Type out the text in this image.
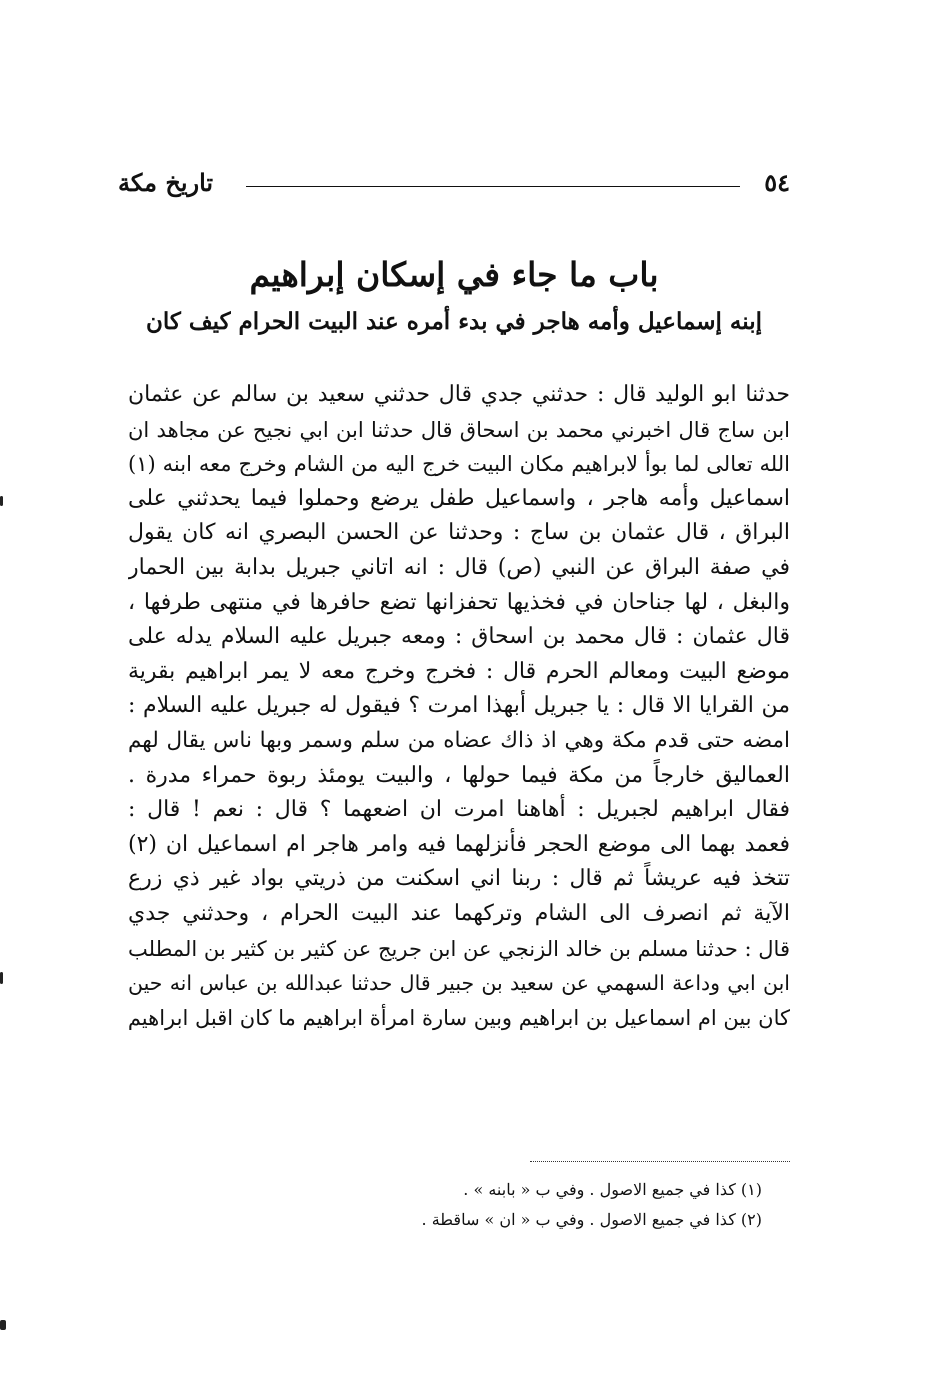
٥٤
تاريخ مكة
باب ما جاء في إسكان إبراهيم
إبنه إسماعيل وأمه هاجر في بدء أمره عند البيت الحرام كيف كان
حدثنا ابو الوليد قال : حدثني جدي قال حدثني سعيد بن سالم عن عثمان
ابن ساج قال اخبرني محمد بن اسحاق قال حدثنا ابن ابي نجيح عن مجاهد ان
الله تعالى لما بوأ لابراهيم مكان البيت خرج اليه من الشام وخرج معه ابنه (١)
اسماعيل وأمه هاجر ، واسماعيل طفل يرضع وحملوا فيما يحدثني على
البراق ، قال عثمان بن ساج : وحدثنا عن الحسن البصري انه كان يقول
في صفة البراق عن النبي (ص) قال : انه اتاني جبريل بدابة بين الحمار
والبغل ، لها جناحان في فخذيها تحفزانها تضع حافرها في منتهى طرفها ،
قال عثمان : قال محمد بن اسحاق : ومعه جبريل عليه السلام يدله على
موضع البيت ومعالم الحرم قال : فخرج وخرج معه لا يمر ابراهيم بقرية
من القرايا الا قال : يا جبريل أبهذا امرت ؟ فيقول له جبريل عليه السلام :
امضه حتى قدم مكة وهي اذ ذاك عضاه من سلم وسمر وبها ناس يقال لهم
العماليق خارجاً من مكة فيما حولها ، والبيت يومئذ ربوة حمراء مدرة .
فقال ابراهيم لجبريل : أهاهنا امرت ان اضعهما ؟ قال : نعم ! قال :
فعمد بهما الى موضع الحجر فأنزلهما فيه وامر هاجر ام اسماعيل ان (٢)
تتخذ فيه عريشاً ثم قال : ربنا اني اسكنت من ذريتي بواد غير ذي زرع
الآية ثم انصرف الى الشام وتركهما عند البيت الحرام ، وحدثني جدي
قال : حدثنا مسلم بن خالد الزنجي عن ابن جريج عن كثير بن كثير بن المطلب
ابن ابي وداعة السهمي عن سعيد بن جبير قال حدثنا عبدالله بن عباس انه حين
كان بين ام اسماعيل بن ابراهيم وبين سارة امرأة ابراهيم ما كان اقبل ابراهيم
(١) كذا في جميع الاصول . وفي ب « بابنه » .
(٢) كذا في جميع الاصول . وفي ب « ان » ساقطة .
